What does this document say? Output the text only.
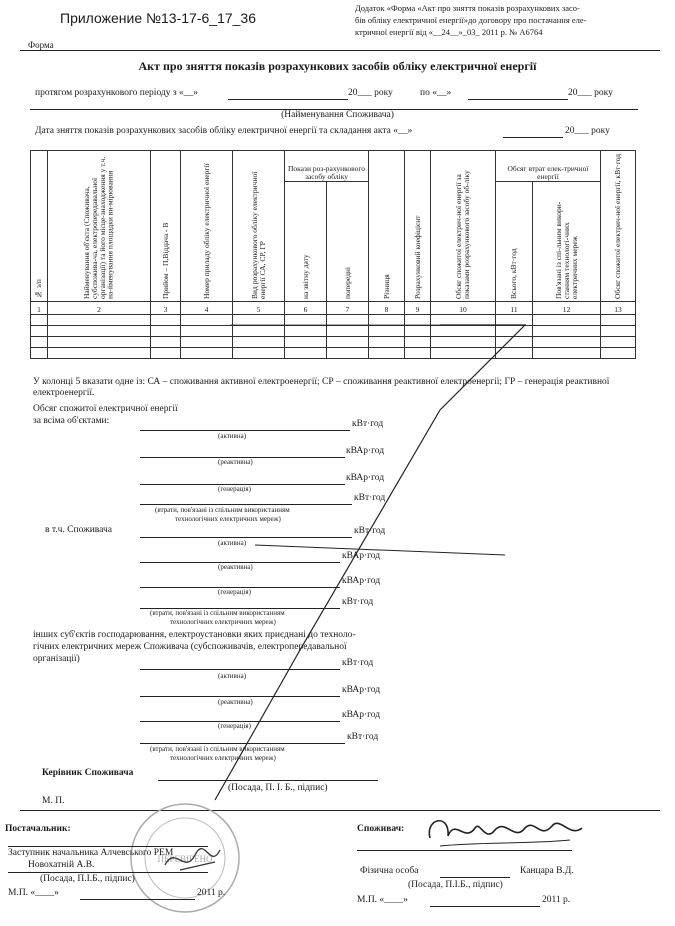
Приложение №13-17-6_17_36
Додаток «Форма «Акт про зняття показів розрахункових засо-
бів обліку електричної енергії»до договору про постачання еле-
ктричної енергії від «__24__»_03_ 2011 р. № А6764
Форма
Акт про зняття показів розрахункових засобів обліку електричної енергії
протягом розрахункового періоду з «__»	20___ року	по «__»	20___ року
(Найменування Споживача)
Дата зняття показів розрахункових засобів обліку електричної енергії та складання акта «__»	20___ року
№ з/п	Найменування об'єкта (Споживача, субспожива-ча, електропередавальної організації) та його місце-знаходження у т.ч. на-йменування площадки ви-мірювання	Прийом – П,Віддача - В	Номер приладу обліку електричної енергії	Вид розрахункового обліку електричної енергії СА, СР, ГР	Покази роз-рахункового засобу обліку		Різниця	Розрахунковий коефіцієнт	Обсяг спожитої електрич-ної енергії за показами розрахункового засобу об-ліку	Обсяг втрат елек-тричної енергії		Обсяг спожитої електрич-ної енергії, кВт·год

					на звітну дату	попередні				Всього, кВт·год	Пов'язані із спі-льним викори-станням технологі-чних електричних мереж	

1	2	3	4	5	6	7	8	9	10	11	12	13

У колонці 5 вказати одне із: СА – споживання активної електроенергії; СР – споживання реактивної електроенергії; ГР – генерація реактивної електроенергії.
Обсяг спожитої електричної енергії
за всіма об'єктами:	кВт·год
(активна)
кВАр·год
(реактивна)
кВАр·год
(генерація)
кВт·год
(втрати, пов'язані із спільним використанням
технологічних електричних мереж)
в т.ч. Споживача	кВт·год
(активна)
кВАр·год
(реактивна)
кВАр·год
(генерація)
кВт·год
(втрати, пов'язані із спільним використанням
технологічних електричних мереж)
інших суб'єктів господарювання, електроустановки яких приєднані до техноло-
гічних електричних мереж Споживача (субспоживачів, електропередавальної
організації)	кВт·год
(активна)
кВАр·год
(реактивна)
кВАр·год
(генерація)
кВт·год
(втрати, пов'язані із спільним використанням
технологічних електричних мереж)
Керівник Споживача
(Посада, П. І. Б., підпис)
М. П.
ПЕРЕВІРЕНО
Постачальник:
Заступник начальника Алчевського РЕМ
Новохатній А.В.
(Посада, П.І.Б., підпис)
М.П. «____»	2011 р.
Споживач:
Фізична особа	Канцара В.Д.
(Посада, П.І.Б., підпис)
М.П. «____»	2011 р.
